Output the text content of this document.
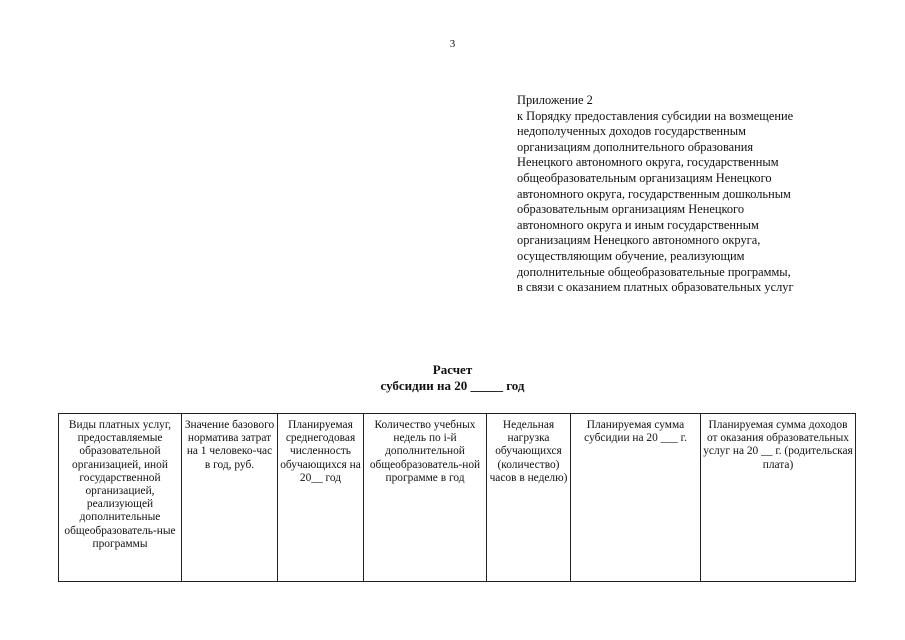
3
Приложение 2
к Порядку предоставления субсидии на возмещение
недополученных доходов государственным
организациям дополнительного образования
Ненецкого автономного округа, государственным
общеобразовательным организациям Ненецкого
автономного округа, государственным дошкольным
образовательным организациям Ненецкого
автономного округа и иным государственным
организациям Ненецкого автономного округа,
осуществляющим обучение, реализующим
дополнительные общеобразовательные программы,
в связи с оказанием платных образовательных услуг
Расчет
субсидии на 20 _____ год
Виды платных услуг, предоставляемые образовательной организацией, иной государственной организацией, реализующей дополнительные общеобразователь-ные программы	Значение базового норматива затрат на 1 человеко-час в год, руб.	Планируемая среднегодовая численность обучающихся на 20__ год	Количество учебных недель по i-й дополнительной общеобразователь-ной программе в год	Недельная нагрузка обучающихся (количество) часов в неделю)	Планируемая сумма субсидии на 20 ___ г.	Планируемая сумма доходов от оказания образовательных услуг на 20 __ г. (родительская плата)
